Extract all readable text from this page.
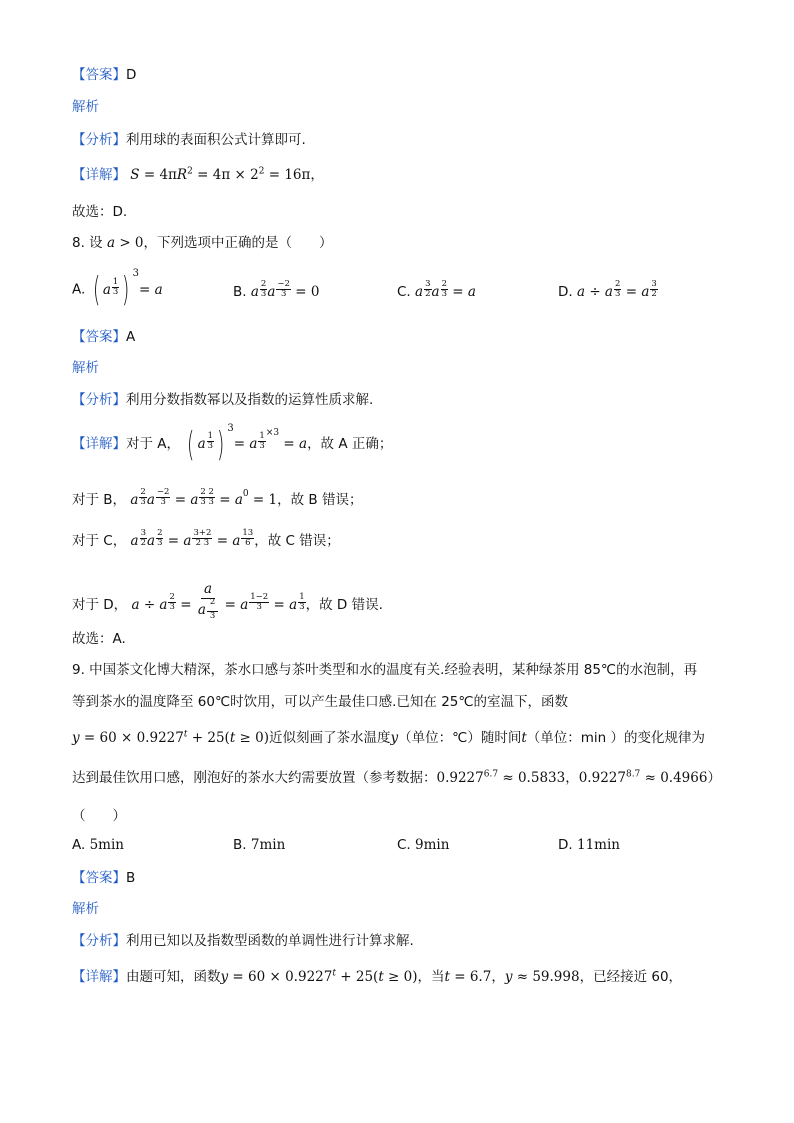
【答案】D
解析
【分析】利用球的表面积公式计算即可.
【详解】 $S = 4\pi R^2 = 4\pi \times 2^2 = 16\pi$，
故选：D.
8. 设 a > 0，下列选项中正确的是（　　）
A. ( a $\frac{1}{3}$ ) $^3$= a	B. a $\frac{2}{3}$ a $\frac{-2}{3} = 0$	C. a $\frac{3}{2}$ a $\frac{2}{3} = a$	D. a ÷ a $\frac{2}{3} = a \frac{3}{2}$
【答案】A
解析
【分析】利用分数指数幂以及指数的运算性质求解.
【详解】对于 A， ( a $\frac{1}{3}$ ) $^3$= a $\frac{1}{3} ^{\times 3} = a$，故 A 正确；
对于 B， a $\frac{2}{3}$ a $\frac{-2}{3} = a \frac{2 2}{3 3} = a^0 = 1$，故 B 错误；
对于 C， a $\frac{3}{2}$ a $\frac{2}{3} = a \frac{3+2}{2 3} = a \frac{13}{6}$ ，故 C 错误；
对于 D， a ÷ a $\frac{2}{3} = \frac{a}{a \frac{2}{3}} = a \frac{1-2}{3} = a \frac{1}{3}$ ，故 D 错误.
故选：A.
9. 中国茶文化博大精深，茶水口感与茶叶类型和水的温度有关.经验表明，某种绿茶用 85℃的水泡制，再
等到茶水的温度降至 60℃时饮用，可以产生最佳口感.已知在 25℃的室温下，函数
$y = 60 \times 0.9227^t + 25(t \ge 0)$近似刻画了茶水温度y（单位：℃）随时间t（单位：min ）的变化规律为
达到最佳饮用口感，刚泡好的茶水大约需要放置（参考数据：$0.9227^{6.7} \approx 0.5833$，$0.9227^{8.7} \approx 0.4966$）
（　　）
A. 5min	B. 7min	C. 9min	D. 11min
【答案】B
解析
【分析】利用已知以及指数型函数的单调性进行计算求解.
【详解】由题可知，函数$y = 60 \times 0.9227^t + 25(t \ge 0)$，当t = 6.7，y ≈ 59.998，已经接近 60，
